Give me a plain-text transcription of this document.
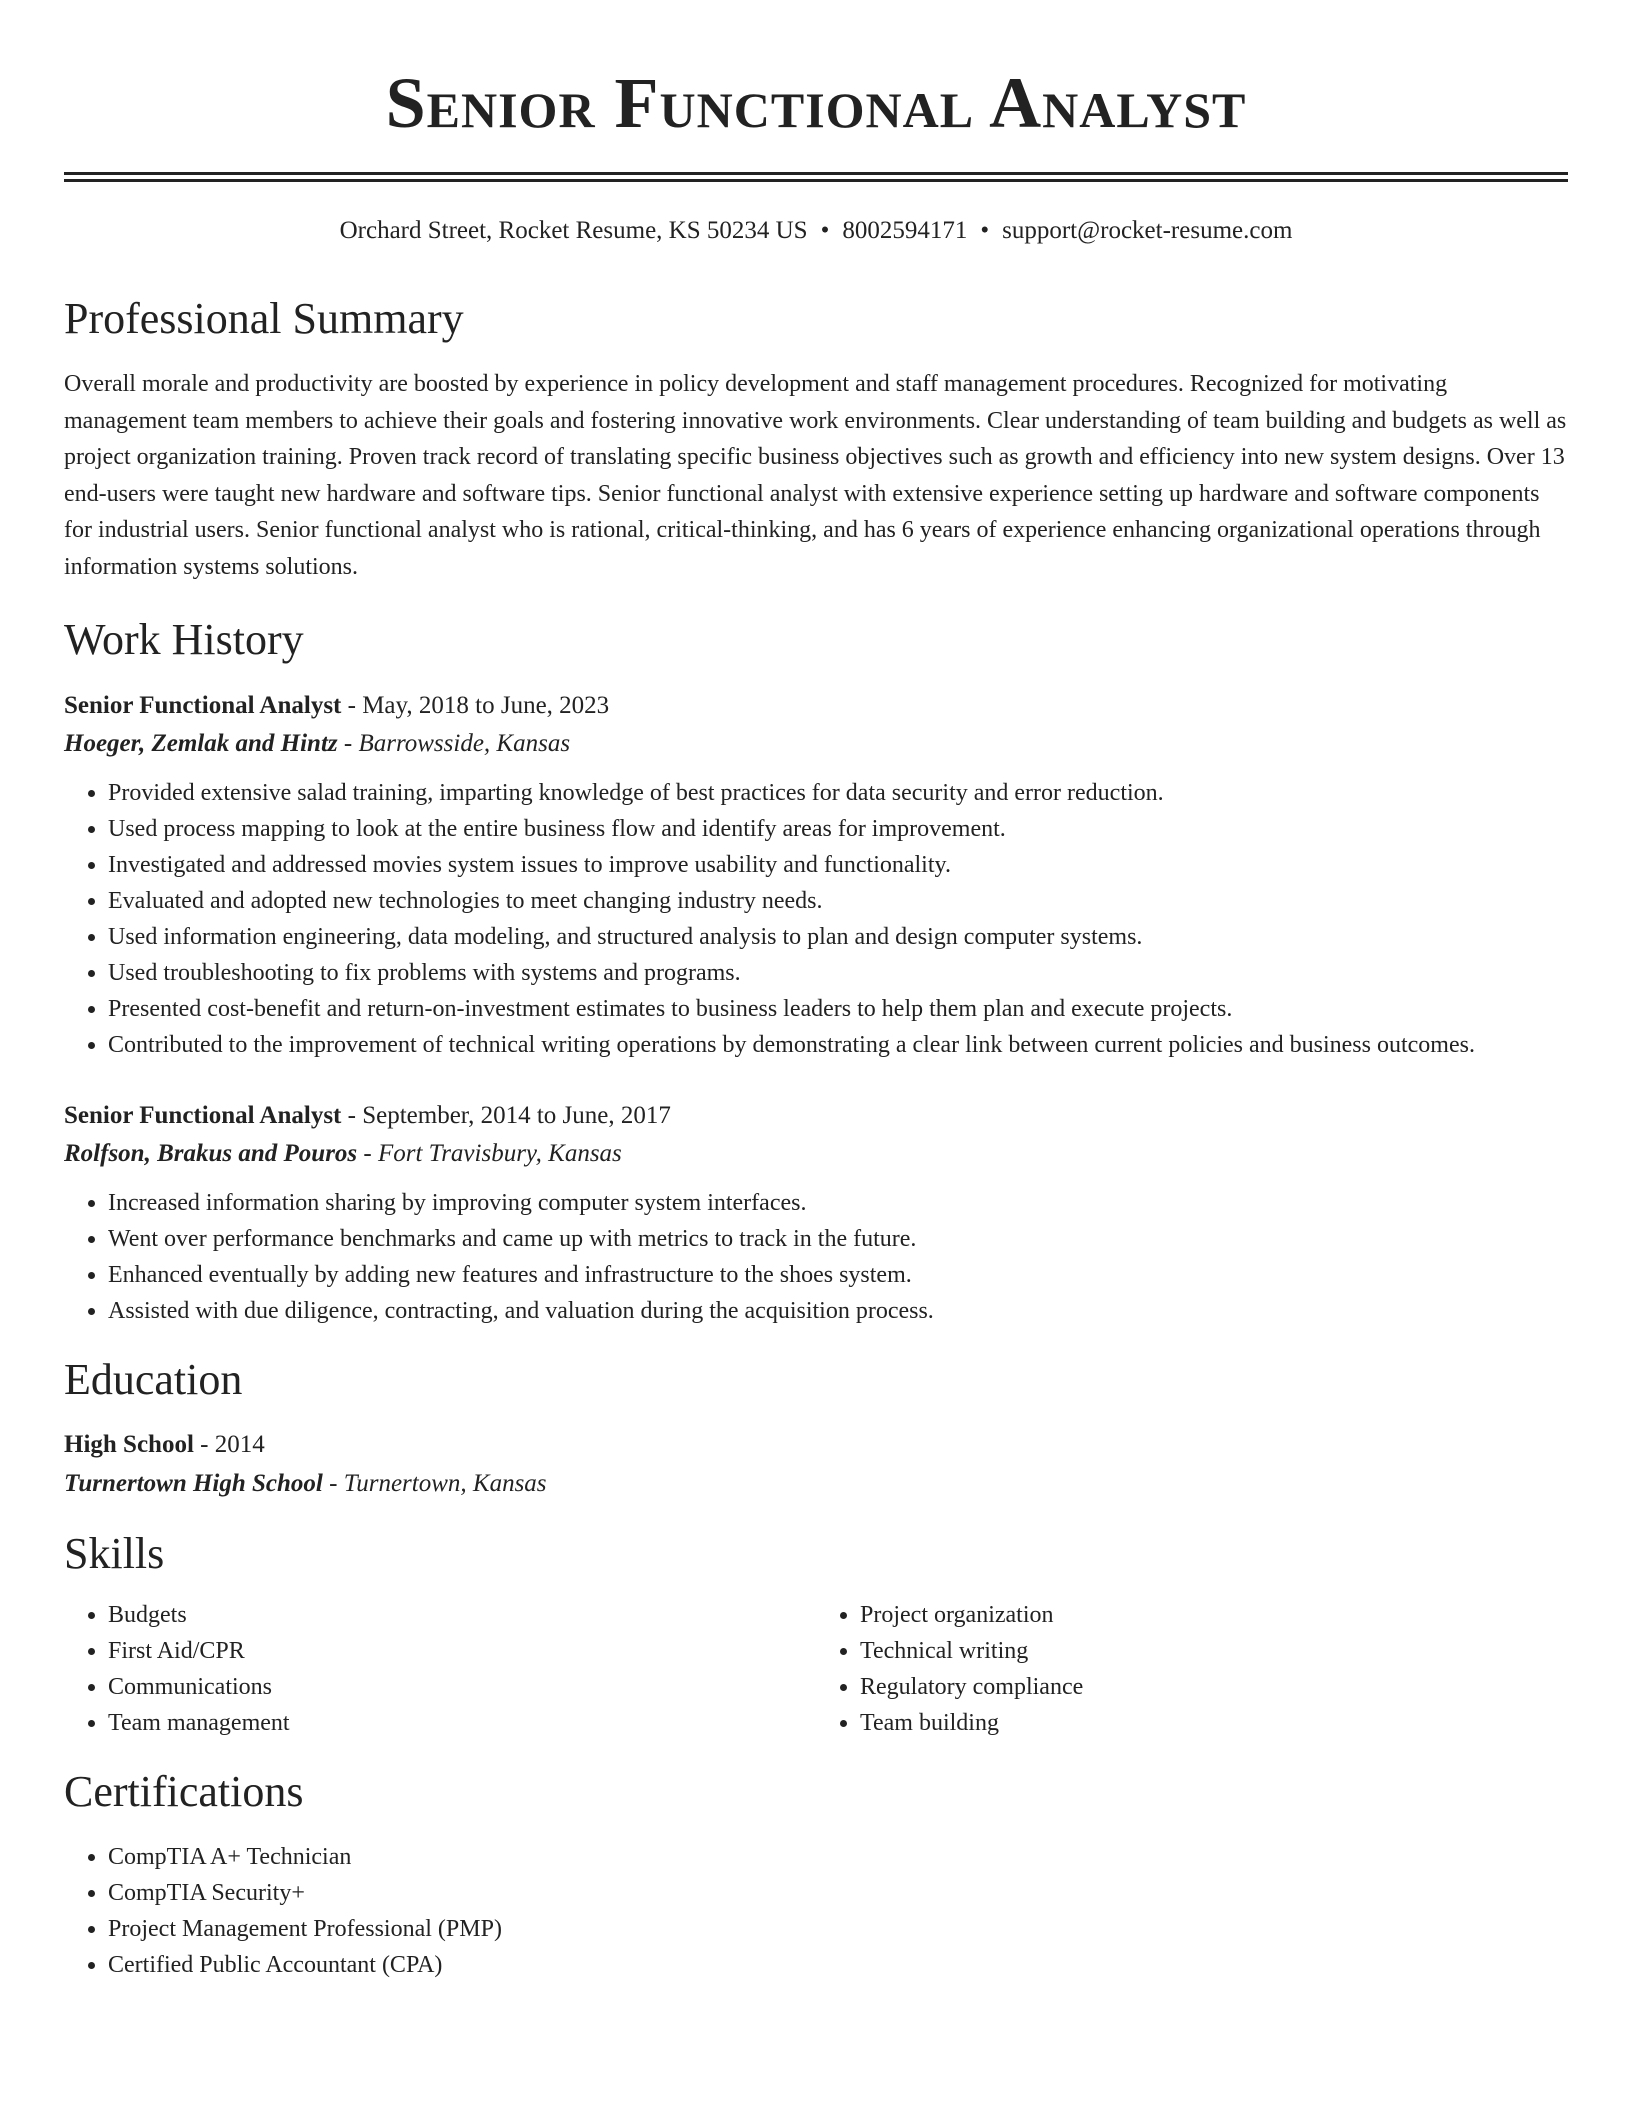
Senior Functional Analyst
Orchard Street, Rocket Resume, KS 50234 US • 8002594171 • support@rocket-resume.com
Professional Summary

Overall morale and productivity are boosted by experience in policy development and staff management procedures. Recognized for motivating management team members to achieve their goals and fostering innovative work environments. Clear understanding of team building and budgets as well as project organization training. Proven track record of translating specific business objectives such as growth and efficiency into new system designs. Over 13 end-users were taught new hardware and software tips. Senior functional analyst with extensive experience setting up hardware and software components for industrial users. Senior functional analyst who is rational, critical-thinking, and has 6 years of experience enhancing organizational operations through information systems solutions.

Work History
Senior Functional Analyst - May, 2018 to June, 2023
Hoeger, Zemlak and Hintz - Barrowsside, Kansas
• Provided extensive salad training, imparting knowledge of best practices for data security and error reduction.
• Used process mapping to look at the entire business flow and identify areas for improvement.
• Investigated and addressed movies system issues to improve usability and functionality.
• Evaluated and adopted new technologies to meet changing industry needs.
• Used information engineering, data modeling, and structured analysis to plan and design computer systems.
• Used troubleshooting to fix problems with systems and programs.
• Presented cost-benefit and return-on-investment estimates to business leaders to help them plan and execute projects.
• Contributed to the improvement of technical writing operations by demonstrating a clear link between current policies and business outcomes.
Senior Functional Analyst - September, 2014 to June, 2017
Rolfson, Brakus and Pouros - Fort Travisbury, Kansas
• Increased information sharing by improving computer system interfaces.
• Went over performance benchmarks and came up with metrics to track in the future.
• Enhanced eventually by adding new features and infrastructure to the shoes system.
• Assisted with due diligence, contracting, and valuation during the acquisition process.
Education
High School - 2014
Turnertown High School - Turnertown, Kansas
Skills
• Budgets
• First Aid/CPR
• Communications
• Team management
• Project organization
• Technical writing
• Regulatory compliance
• Team building
Certifications
• CompTIA A+ Technician
• CompTIA Security+
• Project Management Professional (PMP)
• Certified Public Accountant (CPA)
